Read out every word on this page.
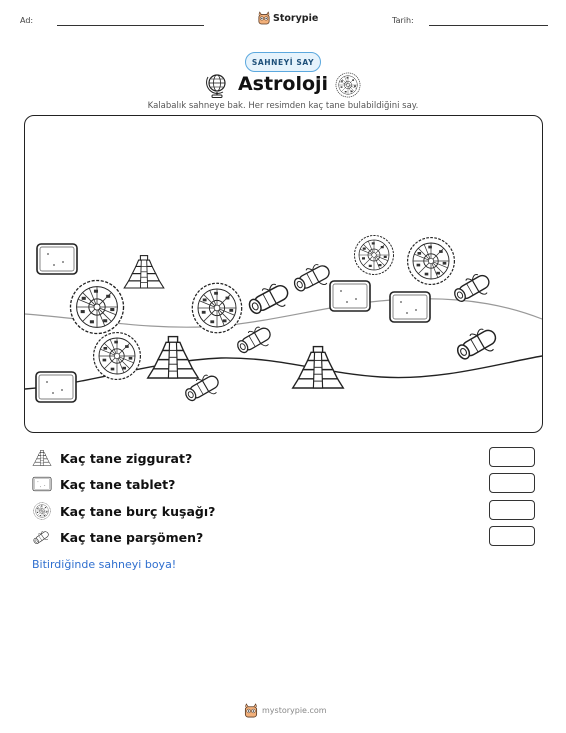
Ad:	Storypie	Tarih:
SAHNEYİ SAY
Astroloji
Kalabalık sahneye bak. Her resimden kaç tane bulabildiğini say.
Kaç tane ziggurat?
Kaç tane tablet?
Kaç tane burç kuşağı?
Kaç tane parşömen?
Bitirdiğinde sahneyi boya!
mystorypie.com
